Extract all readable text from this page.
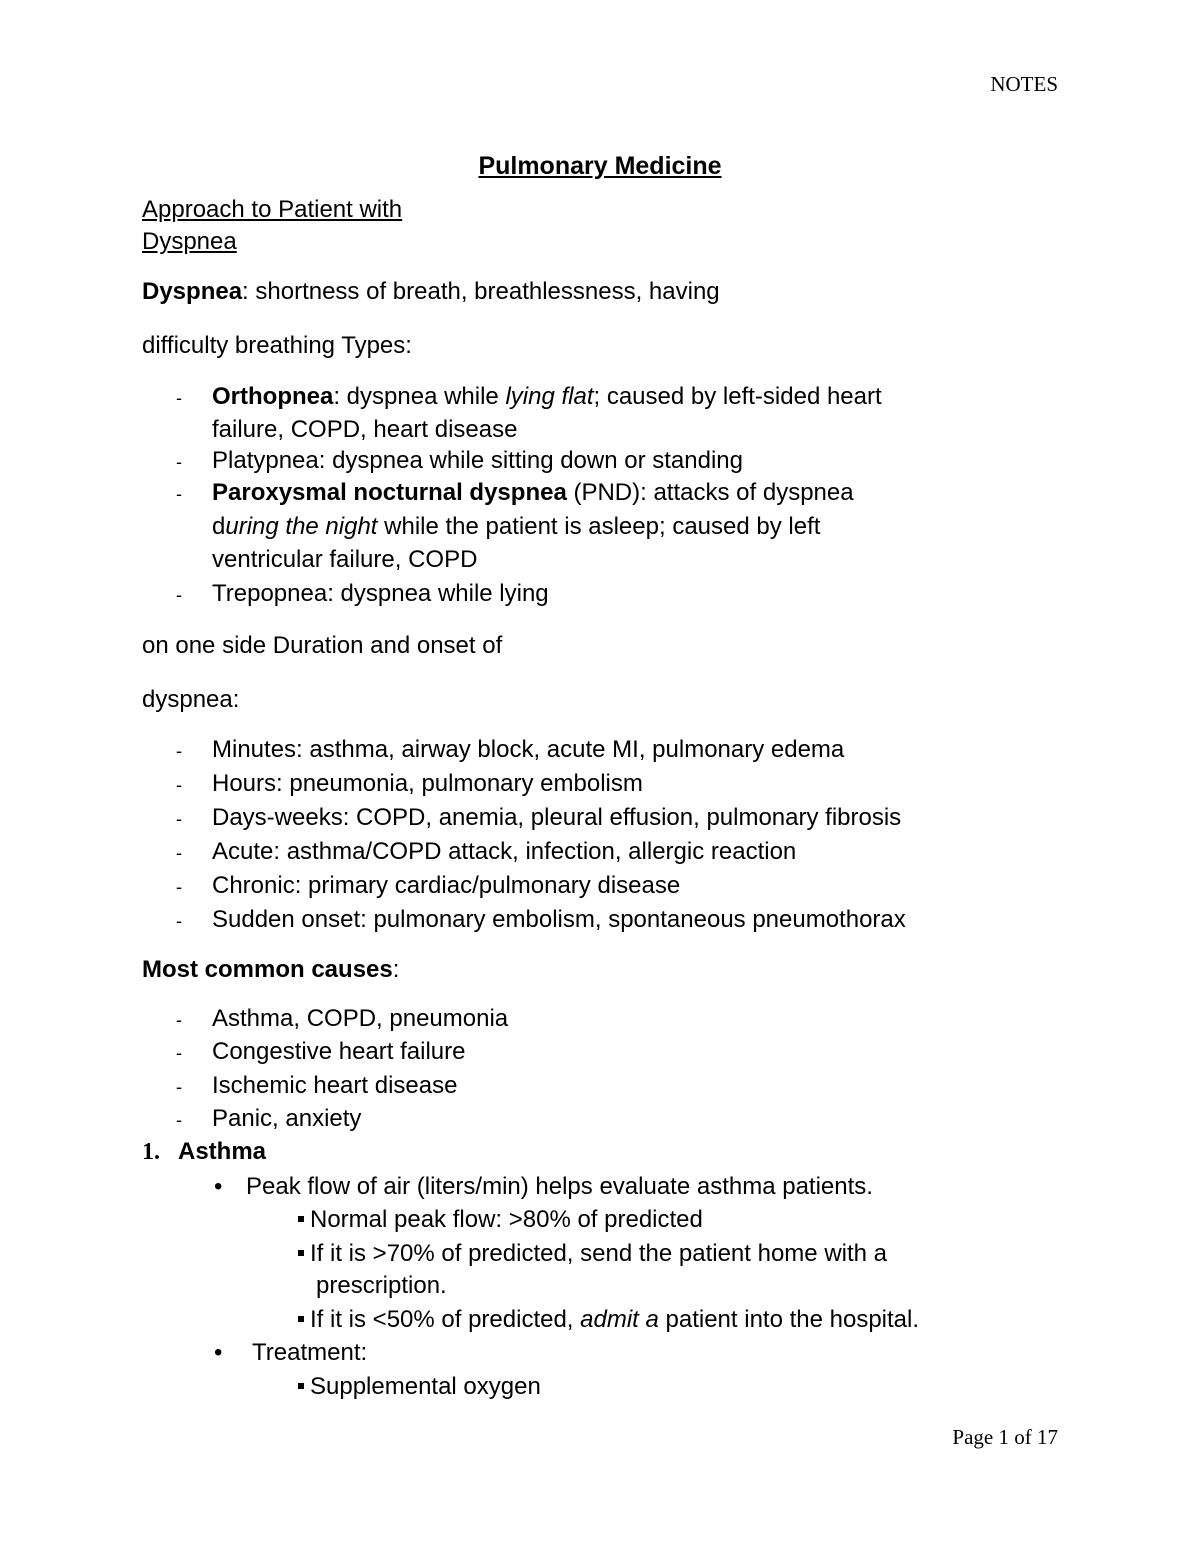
NOTES
Pulmonary Medicine
Approach to Patient with
Dyspnea
Dyspnea: shortness of breath, breathlessness, having
difficulty breathing Types:
- Orthopnea: dyspnea while lying flat; caused by left-sided heart
failure, COPD, heart disease
- Platypnea: dyspnea while sitting down or standing
- Paroxysmal nocturnal dyspnea (PND): attacks of dyspnea
during the night while the patient is asleep; caused by left
ventricular failure, COPD
- Trepopnea: dyspnea while lying
on one side Duration and onset of
dyspnea:
- Minutes: asthma, airway block, acute MI, pulmonary edema
- Hours: pneumonia, pulmonary embolism
- Days-weeks: COPD, anemia, pleural effusion, pulmonary fibrosis
- Acute: asthma/COPD attack, infection, allergic reaction
- Chronic: primary cardiac/pulmonary disease
- Sudden onset: pulmonary embolism, spontaneous pneumothorax
Most common causes:
- Asthma, COPD, pneumonia
- Congestive heart failure
- Ischemic heart disease
- Panic, anxiety
1. Asthma
• Peak flow of air (liters/min) helps evaluate asthma patients.
Normal peak flow: >80% of predicted
If it is >70% of predicted, send the patient home with a
prescription.
If it is <50% of predicted, admit a patient into the hospital.
• Treatment:
Supplemental oxygen
Page 1 of 17
